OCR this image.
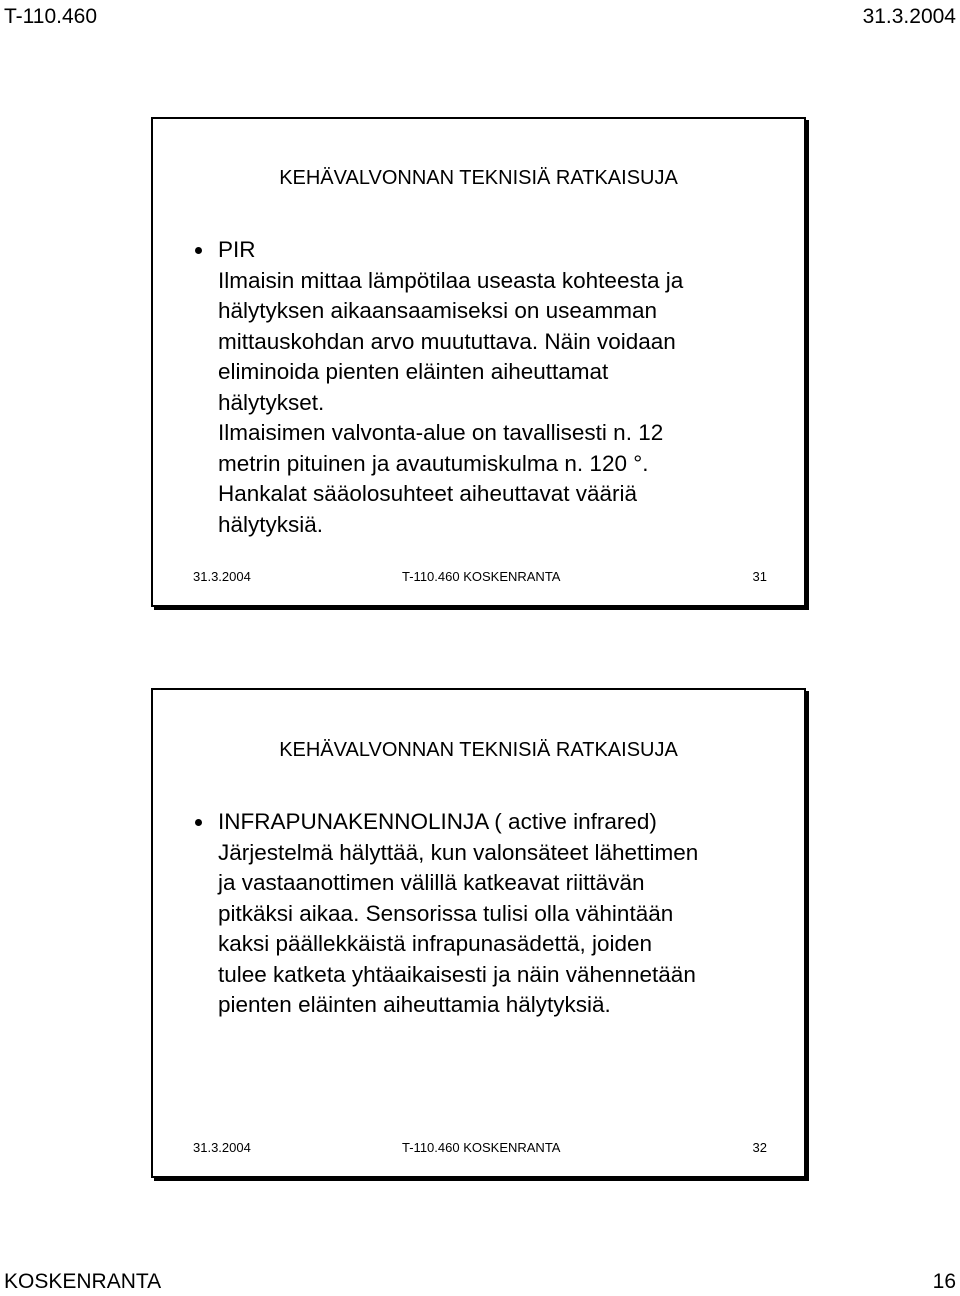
T-110.460	31.3.2004
KEHÄVALVONNAN TEKNISIÄ RATKAISUJA
PIR
Ilmaisin mittaa lämpötilaa useasta kohteesta ja
hälytyksen aikaansaamiseksi on useamman
mittauskohdan arvo muututtava. Näin voidaan
eliminoida pienten eläinten aiheuttamat
hälytykset.
Ilmaisimen valvonta-alue on tavallisesti n. 12
metrin pituinen ja avautumiskulma n. 120 °.
Hankalat sääolosuhteet aiheuttavat vääriä
hälytyksiä.
31.3.2004	T-110.460 KOSKENRANTA	31
KEHÄVALVONNAN TEKNISIÄ RATKAISUJA
INFRAPUNAKENNOLINJA ( active infrared)
Järjestelmä hälyttää, kun valonsäteet lähettimen
ja vastaanottimen välillä katkeavat riittävän
pitkäksi aikaa. Sensorissa tulisi olla vähintään
kaksi päällekkäistä infrapunasädettä, joiden
tulee katketa yhtäaikaisesti ja näin vähennetään
pienten eläinten aiheuttamia hälytyksiä.
31.3.2004	T-110.460 KOSKENRANTA	32
KOSKENRANTA	16
